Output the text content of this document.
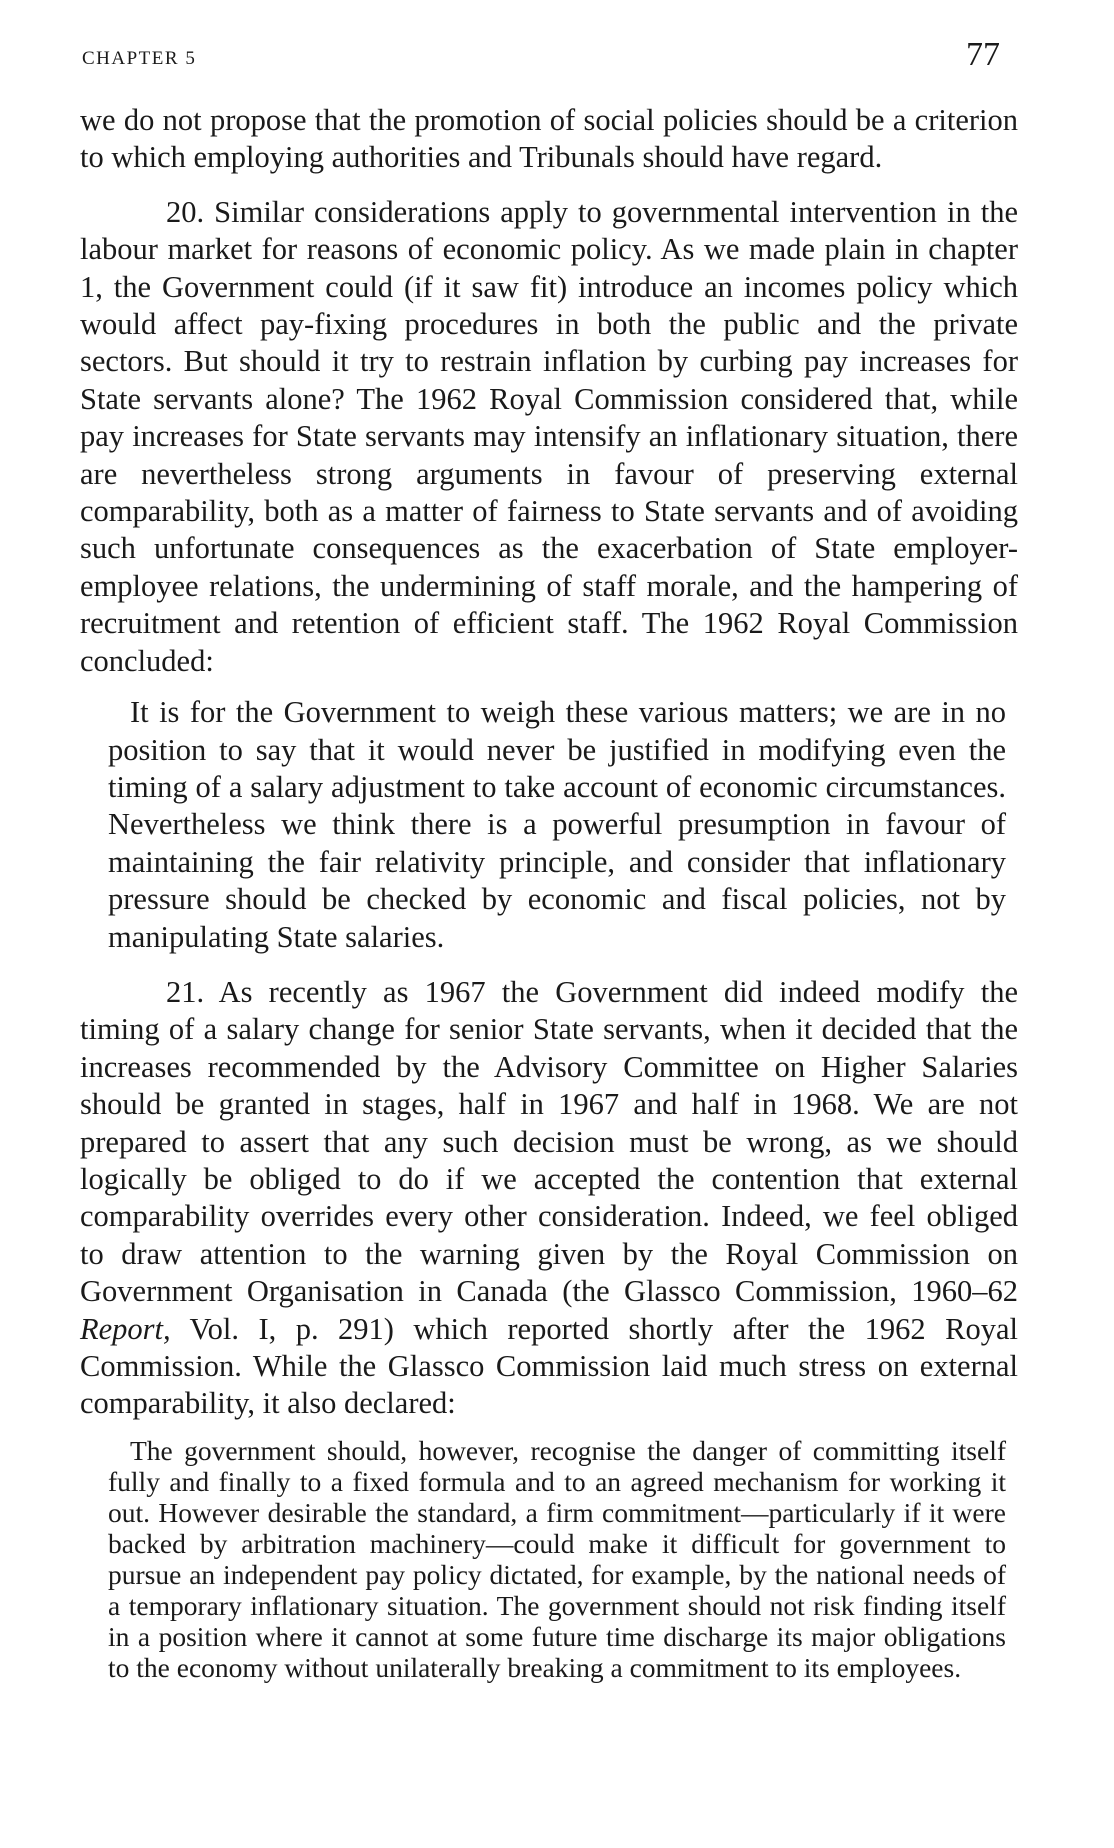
CHAPTER 5	77

we do not propose that the promotion of social policies should be a criterion to which employing authorities and Tribunals should have regard.

20. Similar considerations apply to governmental intervention in the labour market for reasons of economic policy. As we made plain in chapter 1, the Government could (if it saw fit) introduce an incomes policy which would affect pay-fixing procedures in both the public and the private sectors. But should it try to restrain inflation by curbing pay increases for State servants alone? The 1962 Royal Commission considered that, while pay increases for State servants may intensify an inflationary situation, there are nevertheless strong arguments in favour of preserving external comparability, both as a matter of fairness to State servants and of avoiding such unfortunate consequences as the exacerbation of State employer-employee relations, the undermining of staff morale, and the hampering of recruitment and retention of efficient staff. The 1962 Royal Commission concluded:

It is for the Government to weigh these various matters; we are in no position to say that it would never be justified in modifying even the timing of a salary adjustment to take account of economic circumstances. Nevertheless we think there is a powerful presumption in favour of maintaining the fair relativity principle, and consider that inflationary pressure should be checked by economic and fiscal policies, not by manipulating State salaries.

21. As recently as 1967 the Government did indeed modify the timing of a salary change for senior State servants, when it decided that the increases recommended by the Advisory Committee on Higher Salaries should be granted in stages, half in 1967 and half in 1968. We are not prepared to assert that any such decision must be wrong, as we should logically be obliged to do if we accepted the contention that external comparability overrides every other consideration. Indeed, we feel obliged to draw attention to the warning given by the Royal Commission on Government Organisation in Canada (the Glassco Commission, 1960–62 Report, Vol. I, p. 291) which reported shortly after the 1962 Royal Commission. While the Glassco Commission laid much stress on external comparability, it also declared:

The government should, however, recognise the danger of committing itself fully and finally to a fixed formula and to an agreed mechanism for working it out. However desirable the standard, a firm commitment—particularly if it were backed by arbitration machinery—could make it difficult for government to pursue an independent pay policy dictated, for example, by the national needs of a temporary inflationary situation. The government should not risk finding itself in a position where it cannot at some future time discharge its major obligations to the economy without unilaterally breaking a commitment to its employees.
